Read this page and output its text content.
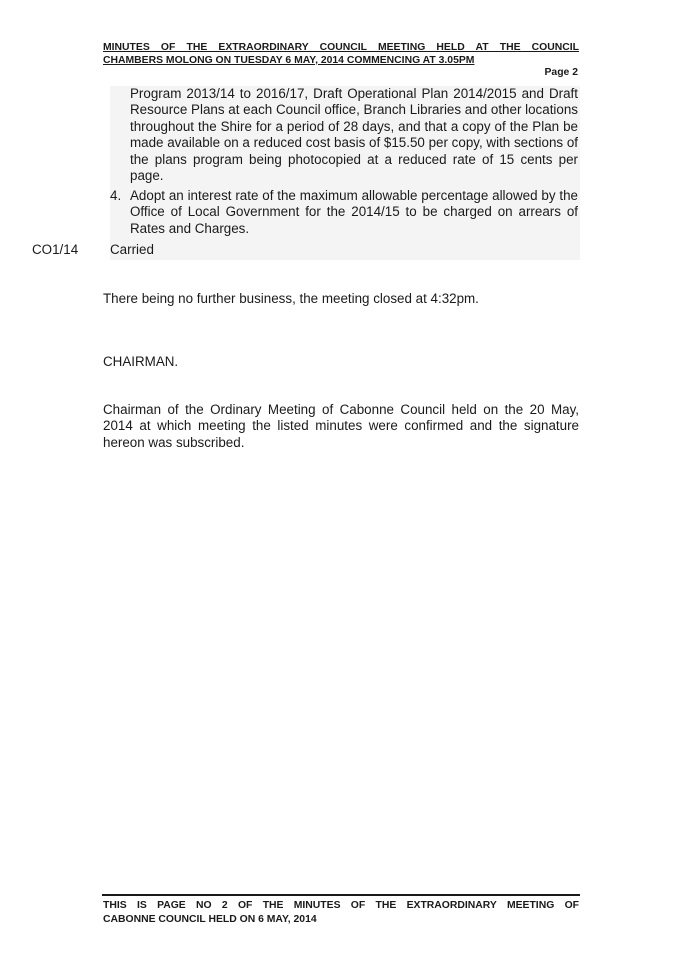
MINUTES OF THE EXTRAORDINARY COUNCIL MEETING HELD AT THE COUNCIL
CHAMBERS MOLONG ON TUESDAY 6 MAY, 2014 COMMENCING AT 3.05PM
Page 2
Program 2013/14 to 2016/17, Draft Operational Plan 2014/2015 and Draft Resource Plans at each Council office, Branch Libraries and other locations throughout the Shire for a period of 28 days, and that a copy of the Plan be made available on a reduced cost basis of $15.50 per copy, with sections of the plans program being photocopied at a reduced rate of 15 cents per page.
4. Adopt an interest rate of the maximum allowable percentage allowed by the Office of Local Government for the 2014/15 to be charged on arrears of Rates and Charges.
CO1/14 Carried
There being no further business, the meeting closed at 4:32pm.
CHAIRMAN.
Chairman of the Ordinary Meeting of Cabonne Council held on the 20 May, 2014 at which meeting the listed minutes were confirmed and the signature hereon was subscribed.
THIS IS PAGE NO 2 OF THE MINUTES OF THE EXTRAORDINARY MEETING OF
CABONNE COUNCIL HELD ON 6 MAY, 2014
